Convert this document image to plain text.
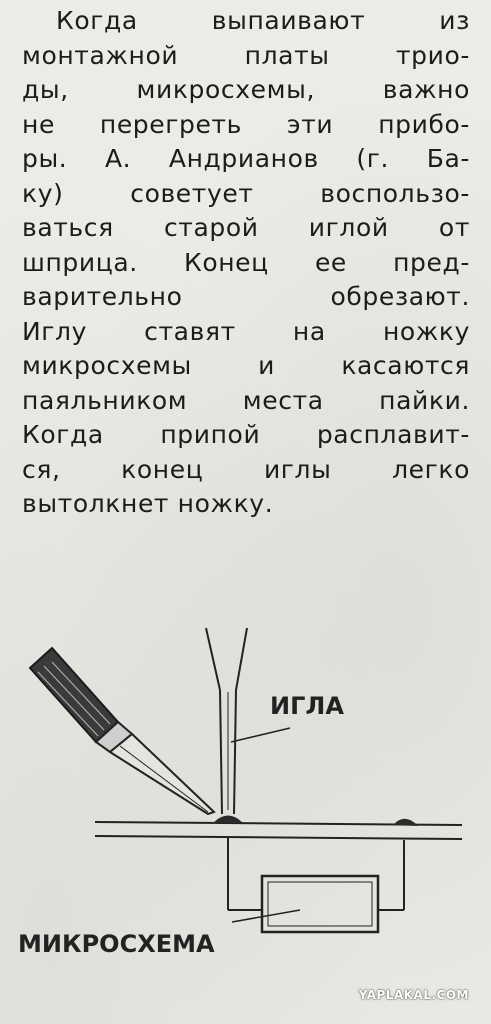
Когда выпаивают из
монтажной платы трио-
ды, микросхемы, важно
не перегреть эти прибо-
ры. А. Андрианов (г. Ба-
ку) советует воспользо-
ваться старой иглой от
шприца. Конец ее пред-
варительно обрезают.
Иглу ставят на ножку
микросхемы и касаются
паяльником места пайки.
Когда припой расплавит-
ся, конец иглы легко
вытолкнет ножку.
ИГЛА
МИКРОСХЕМА
YAPLAKAL.COM
